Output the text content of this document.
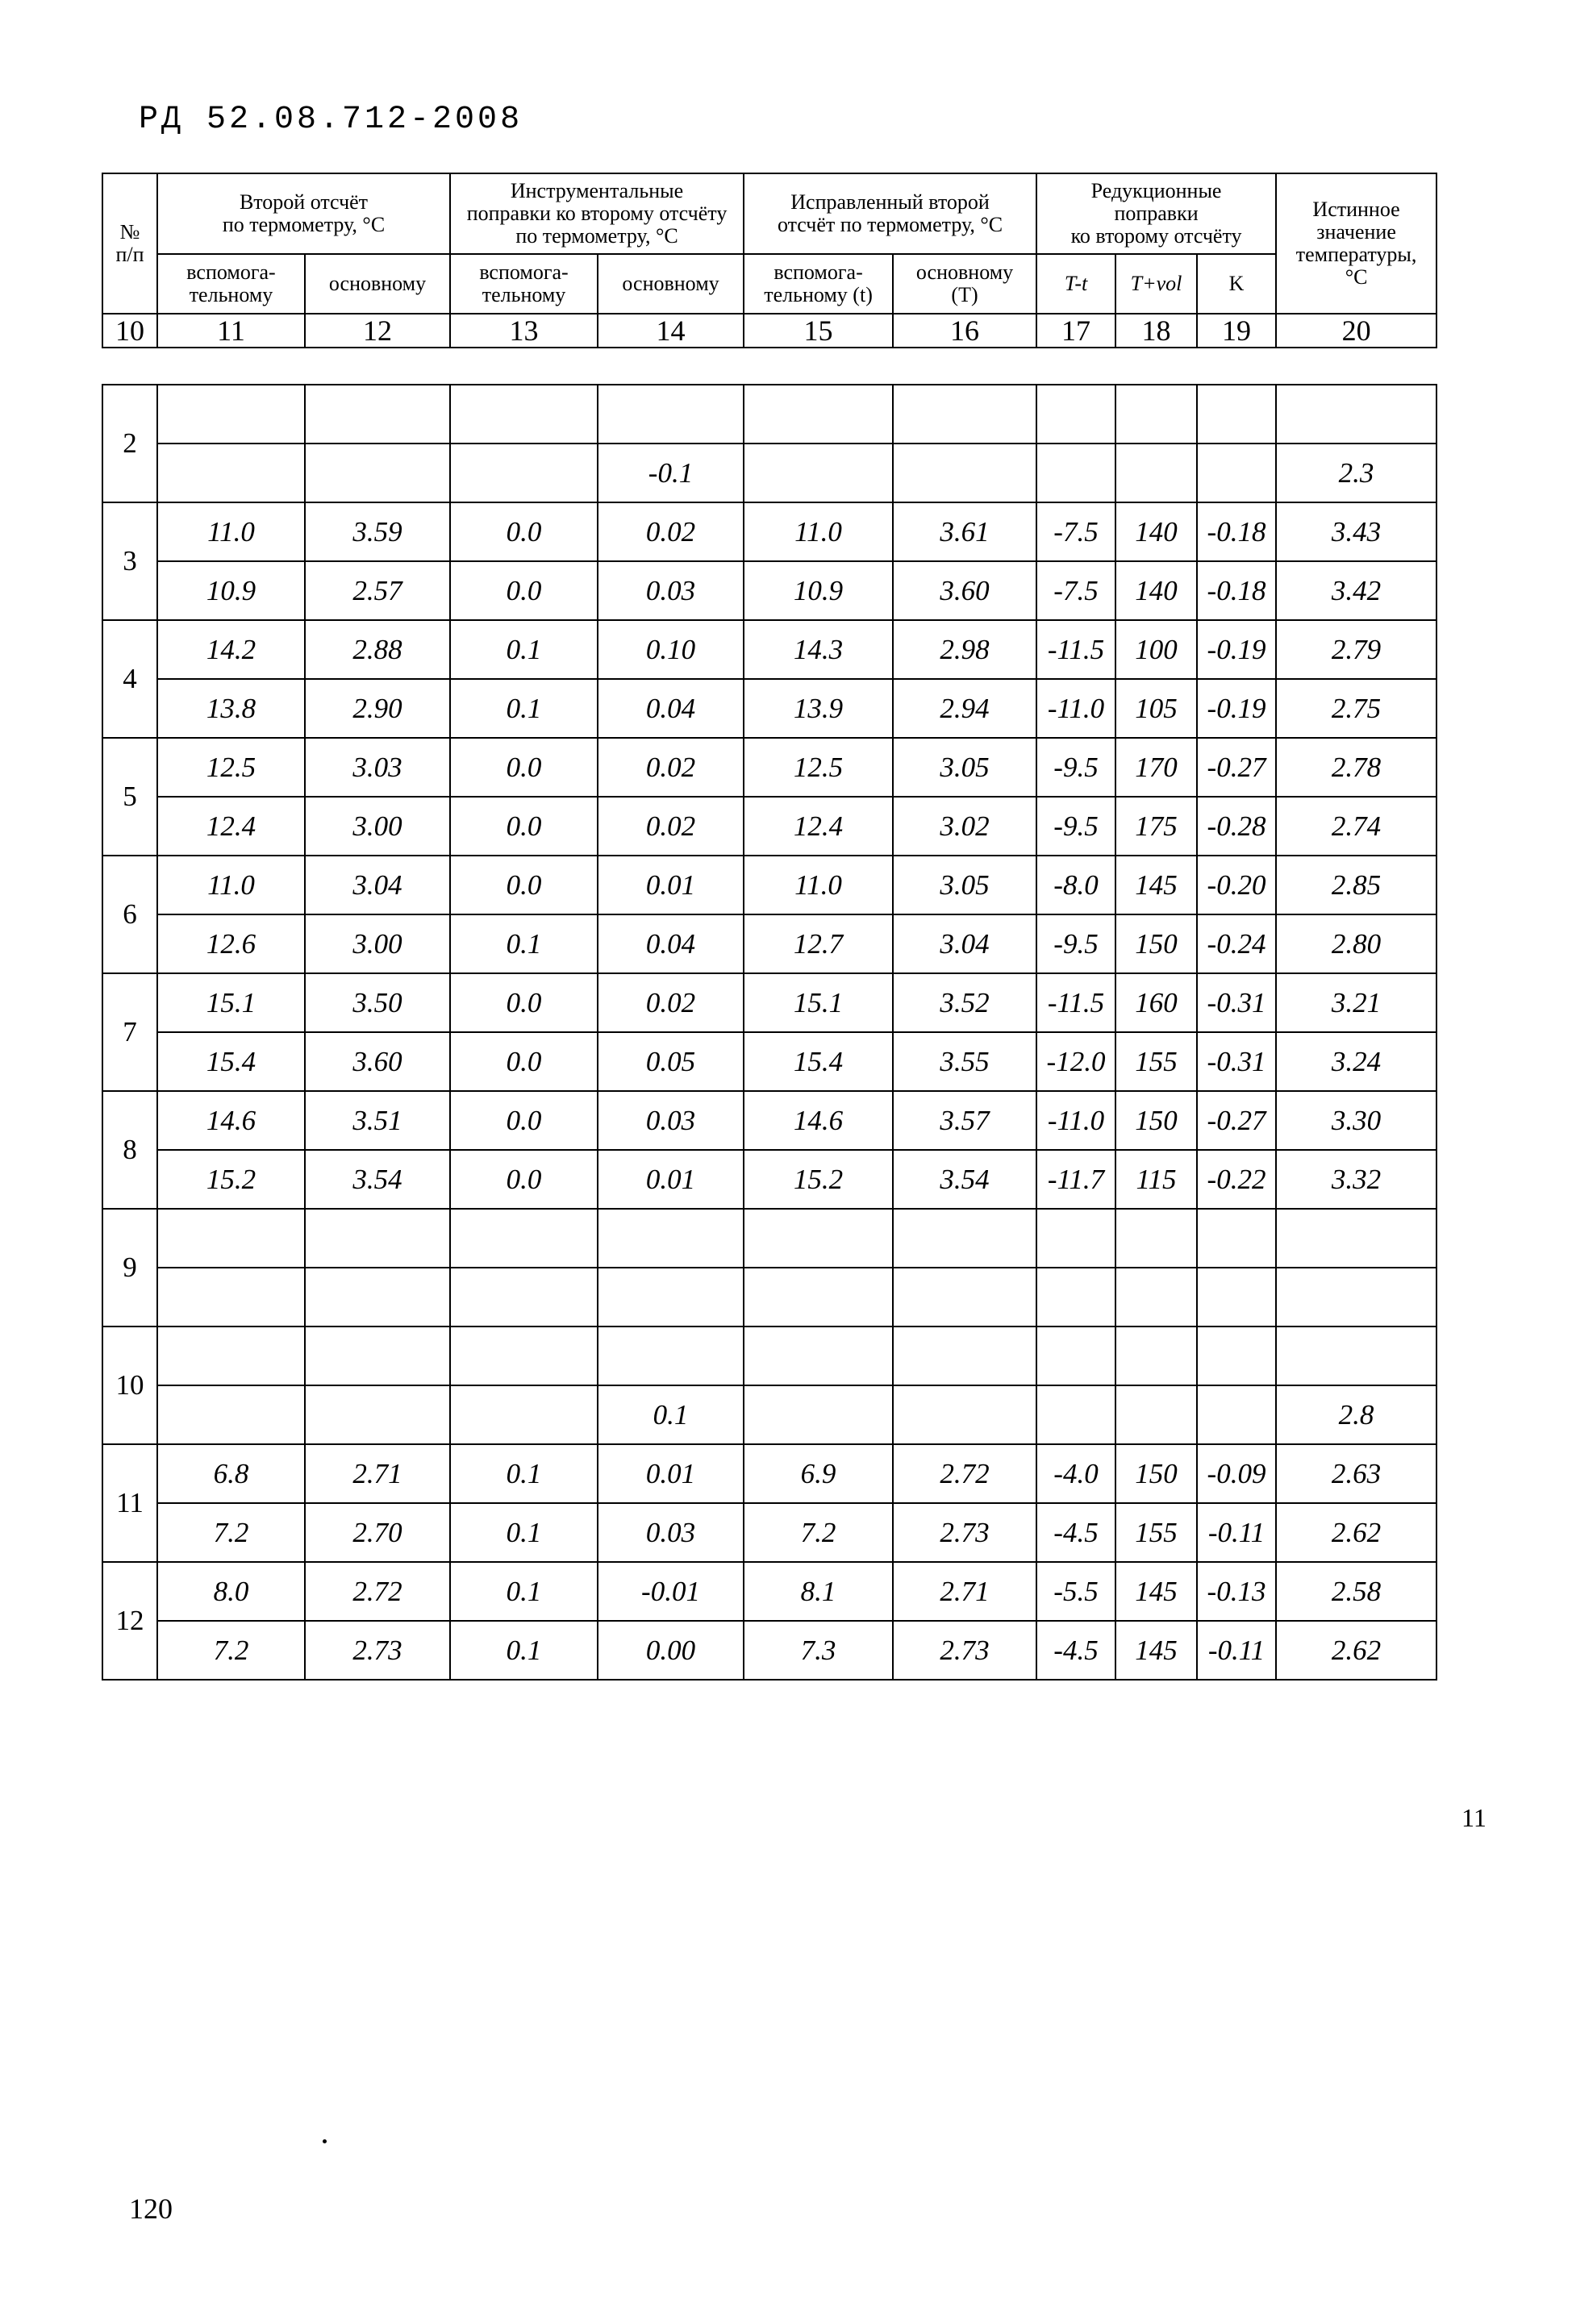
РД 52.08.712-2008
№
п/п	Второй отсчёт
по термометру, °С		Инструментальные
поправки ко второму отсчёту
по термометру, °С		Исправленный второй
отсчёт по термометру, °С		Редукционные
поправки
ко второму отсчёту			Истинное
значение
температуры,
°С
	вспомога-
тельному	основному	вспомога-
тельному	основному	вспомога-
тельному (t)	основному
(Т)	T-t	T+vol	K	
10	11	12	13	14	15	16	17	18	19	20
2										
				-0.1						2.3
3	11.0	3.59	0.0	0.02	11.0	3.61	-7.5	140	-0.18	3.43
	10.9	2.57	0.0	0.03	10.9	3.60	-7.5	140	-0.18	3.42
4	14.2	2.88	0.1	0.10	14.3	2.98	-11.5	100	-0.19	2.79
	13.8	2.90	0.1	0.04	13.9	2.94	-11.0	105	-0.19	2.75
5	12.5	3.03	0.0	0.02	12.5	3.05	-9.5	170	-0.27	2.78
	12.4	3.00	0.0	0.02	12.4	3.02	-9.5	175	-0.28	2.74
6	11.0	3.04	0.0	0.01	11.0	3.05	-8.0	145	-0.20	2.85
	12.6	3.00	0.1	0.04	12.7	3.04	-9.5	150	-0.24	2.80
7	15.1	3.50	0.0	0.02	15.1	3.52	-11.5	160	-0.31	3.21
	15.4	3.60	0.0	0.05	15.4	3.55	-12.0	155	-0.31	3.24
8	14.6	3.51	0.0	0.03	14.6	3.57	-11.0	150	-0.27	3.30
	15.2	3.54	0.0	0.01	15.2	3.54	-11.7	115	-0.22	3.32
9										

10										
				0.1						2.8
11	6.8	2.71	0.1	0.01	6.9	2.72	-4.0	150	-0.09	2.63
	7.2	2.70	0.1	0.03	7.2	2.73	-4.5	155	-0.11	2.62
12	8.0	2.72	0.1	-0.01	8.1	2.71	-5.5	145	-0.13	2.58
	7.2	2.73	0.1	0.00	7.3	2.73	-4.5	145	-0.11	2.62
11
120
